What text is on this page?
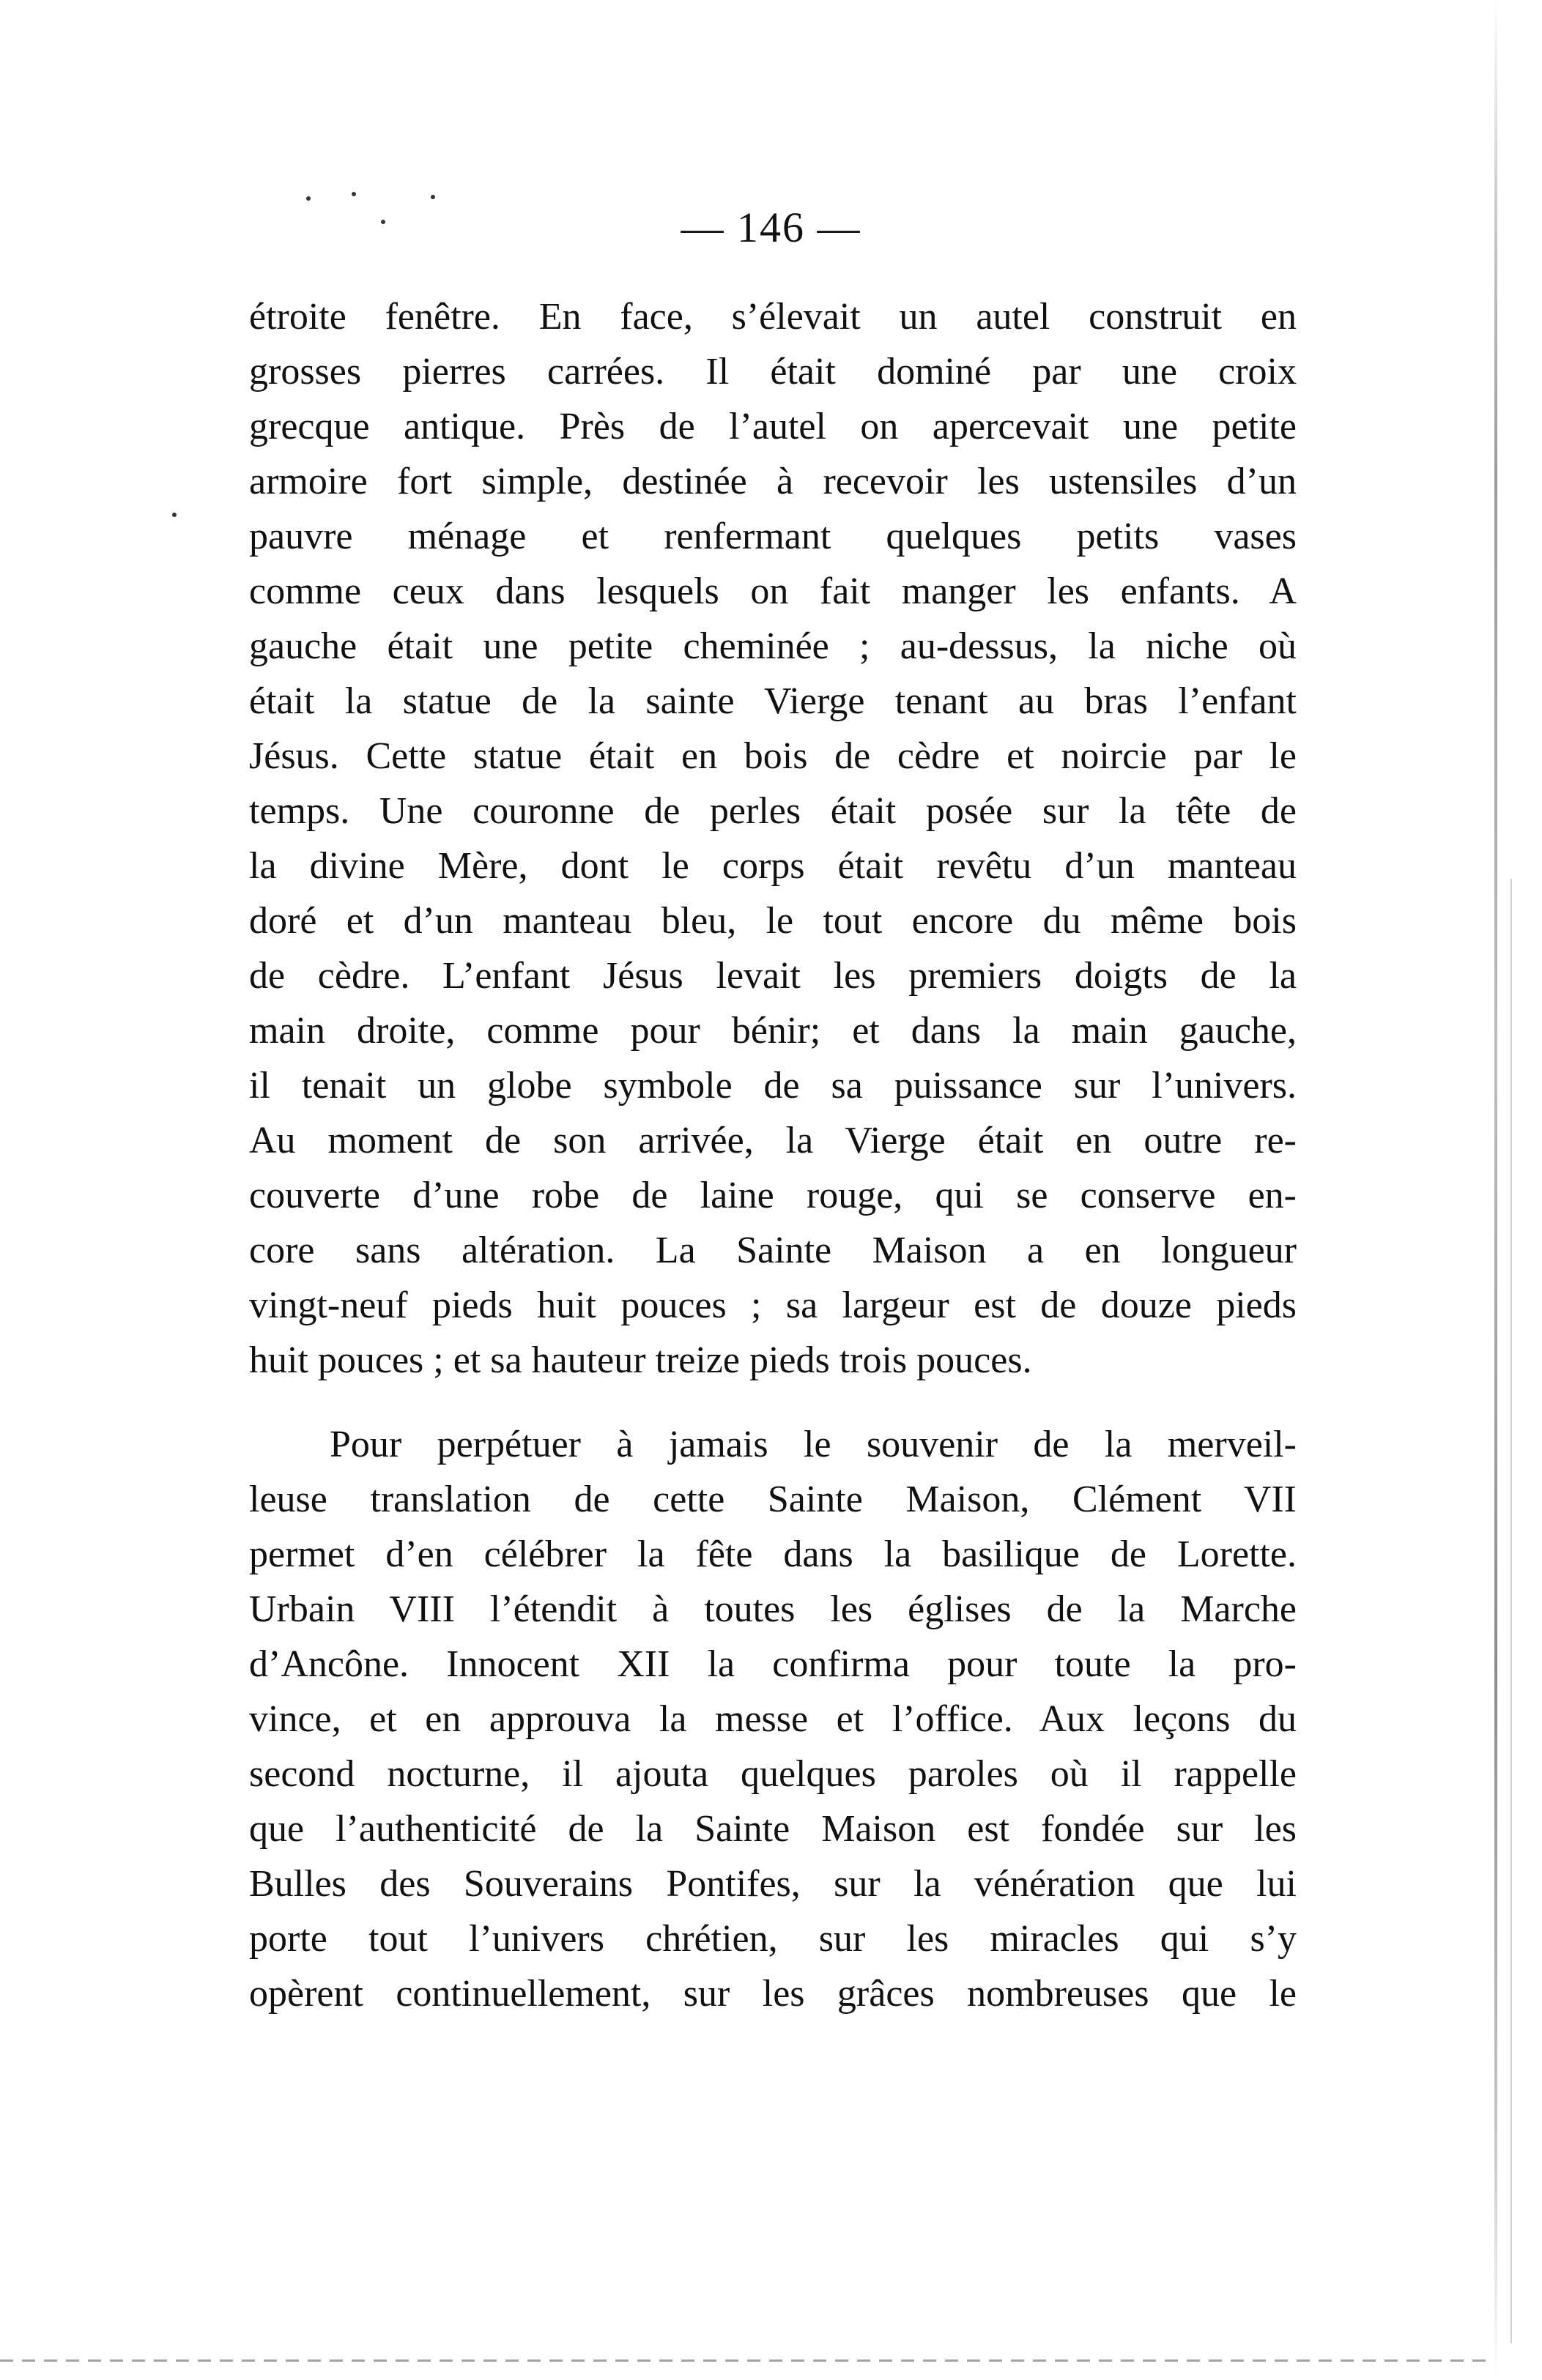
— 146 —
étroite fenêtre. En face, s’élevait un autel construit en
grosses pierres carrées. Il était dominé par une croix
grecque antique. Près de l’autel on apercevait une petite
armoire fort simple, destinée à recevoir les ustensiles d’un
pauvre ménage et renfermant quelques petits vases
comme ceux dans lesquels on fait manger les enfants. A
gauche était une petite cheminée ; au-dessus, la niche où
était la statue de la sainte Vierge tenant au bras l’enfant
Jésus. Cette statue était en bois de cèdre et noircie par le
temps. Une couronne de perles était posée sur la tête de
la divine Mère, dont le corps était revêtu d’un manteau
doré et d’un manteau bleu, le tout encore du même bois
de cèdre. L’enfant Jésus levait les premiers doigts de la
main droite, comme pour bénir; et dans la main gauche,
il tenait un globe symbole de sa puissance sur l’univers.
Au moment de son arrivée, la Vierge était en outre re-
couverte d’une robe de laine rouge, qui se conserve en-
core sans altération. La Sainte Maison a en longueur
vingt-neuf pieds huit pouces ; sa largeur est de douze pieds
huit pouces ; et sa hauteur treize pieds trois pouces.
Pour perpétuer à jamais le souvenir de la merveil-
leuse translation de cette Sainte Maison, Clément VII
permet d’en célébrer la fête dans la basilique de Lorette.
Urbain VIII l’étendit à toutes les églises de la Marche
d’Ancône. Innocent XII la confirma pour toute la pro-
vince, et en approuva la messe et l’office. Aux leçons du
second nocturne, il ajouta quelques paroles où il rappelle
que l’authenticité de la Sainte Maison est fondée sur les
Bulles des Souverains Pontifes, sur la vénération que lui
porte tout l’univers chrétien, sur les miracles qui s’y
opèrent continuellement, sur les grâces nombreuses que le
